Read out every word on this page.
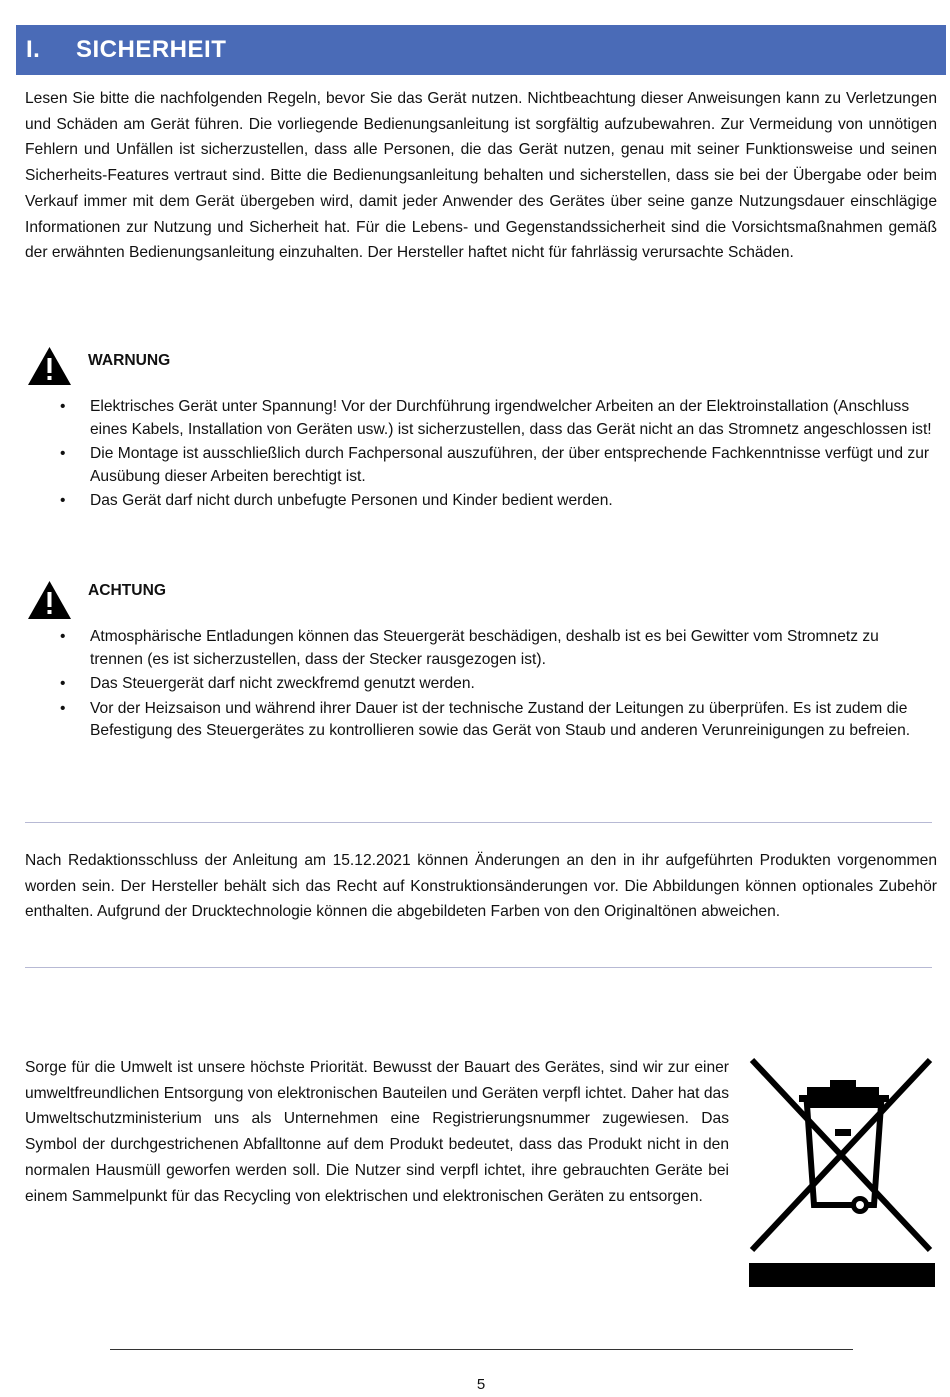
I.	SICHERHEIT

Lesen Sie bitte die nachfolgenden Regeln, bevor Sie das Gerät nutzen. Nichtbeachtung dieser Anweisungen kann zu Verletzungen und Schäden am Gerät führen. Die vorliegende Bedienungsanleitung ist sorgfältig aufzubewahren. Zur Vermeidung von unnötigen Fehlern und Unfällen ist sicherzustellen, dass alle Personen, die das Gerät nutzen, genau mit seiner Funktionsweise und seinen Sicherheits-Features vertraut sind. Bitte die Bedienungsanleitung behalten und sicherstellen, dass sie bei der Übergabe oder beim Verkauf immer mit dem Gerät übergeben wird, damit jeder Anwender des Gerätes über seine ganze Nutzungsdauer einschlägige Informationen zur Nutzung und Sicherheit hat. Für die Lebens- und Gegenstandssicherheit sind die Vorsichtsmaßnahmen gemäß der erwähnten Bedienungsanleitung einzuhalten. Der Hersteller haftet nicht für fahrlässig verursachte Schäden.

WARNUNG
• Elektrisches Gerät unter Spannung! Vor der Durchführung irgendwelcher Arbeiten an der Elektroinstallation (Anschluss eines Kabels, Installation von Geräten usw.) ist sicherzustellen, dass das Gerät nicht an das Stromnetz angeschlossen ist!
• Die Montage ist ausschließlich durch Fachpersonal auszuführen, der über entsprechende Fachkenntnisse verfügt und zur Ausübung dieser Arbeiten berechtigt ist.
• Das Gerät darf nicht durch unbefugte Personen und Kinder bedient werden.
ACHTUNG
• Atmosphärische Entladungen können das Steuergerät beschädigen, deshalb ist es bei Gewitter vom Stromnetz zu trennen (es ist sicherzustellen, dass der Stecker rausgezogen ist).
• Das Steuergerät darf nicht zweckfremd genutzt werden.
• Vor der Heizsaison und während ihrer Dauer ist der technische Zustand der Leitungen zu überprüfen. Es ist zudem die Befestigung des Steuergerätes zu kontrollieren sowie das Gerät von Staub und anderen Verunreinigungen zu befreien.

Nach Redaktionsschluss der Anleitung am 15.12.2021 können Änderungen an den in ihr aufgeführten Produkten vorgenommen worden sein. Der Hersteller behält sich das Recht auf Konstruktionsänderungen vor. Die Abbildungen können optionales Zubehör enthalten. Aufgrund der Drucktechnologie können die abgebildeten Farben von den Originaltönen abweichen.

Sorge für die Umwelt ist unsere höchste Priorität. Bewusst der Bauart des Gerätes, sind wir zur einer umweltfreundlichen Entsorgung von elektronischen Bauteilen und Geräten verpfl ichtet. Daher hat das Umweltschutzministerium uns als Unternehmen eine Registrierungsnummer zugewiesen. Das Symbol der durchgestrichenen Abfalltonne auf dem Produkt bedeutet, dass das Produkt nicht in den normalen Hausmüll geworfen werden soll. Die Nutzer sind verpfl ichtet, ihre gebrauchten Geräte bei einem Sammelpunkt für das Recycling von elektrischen und elektronischen Geräten zu entsorgen.

5
